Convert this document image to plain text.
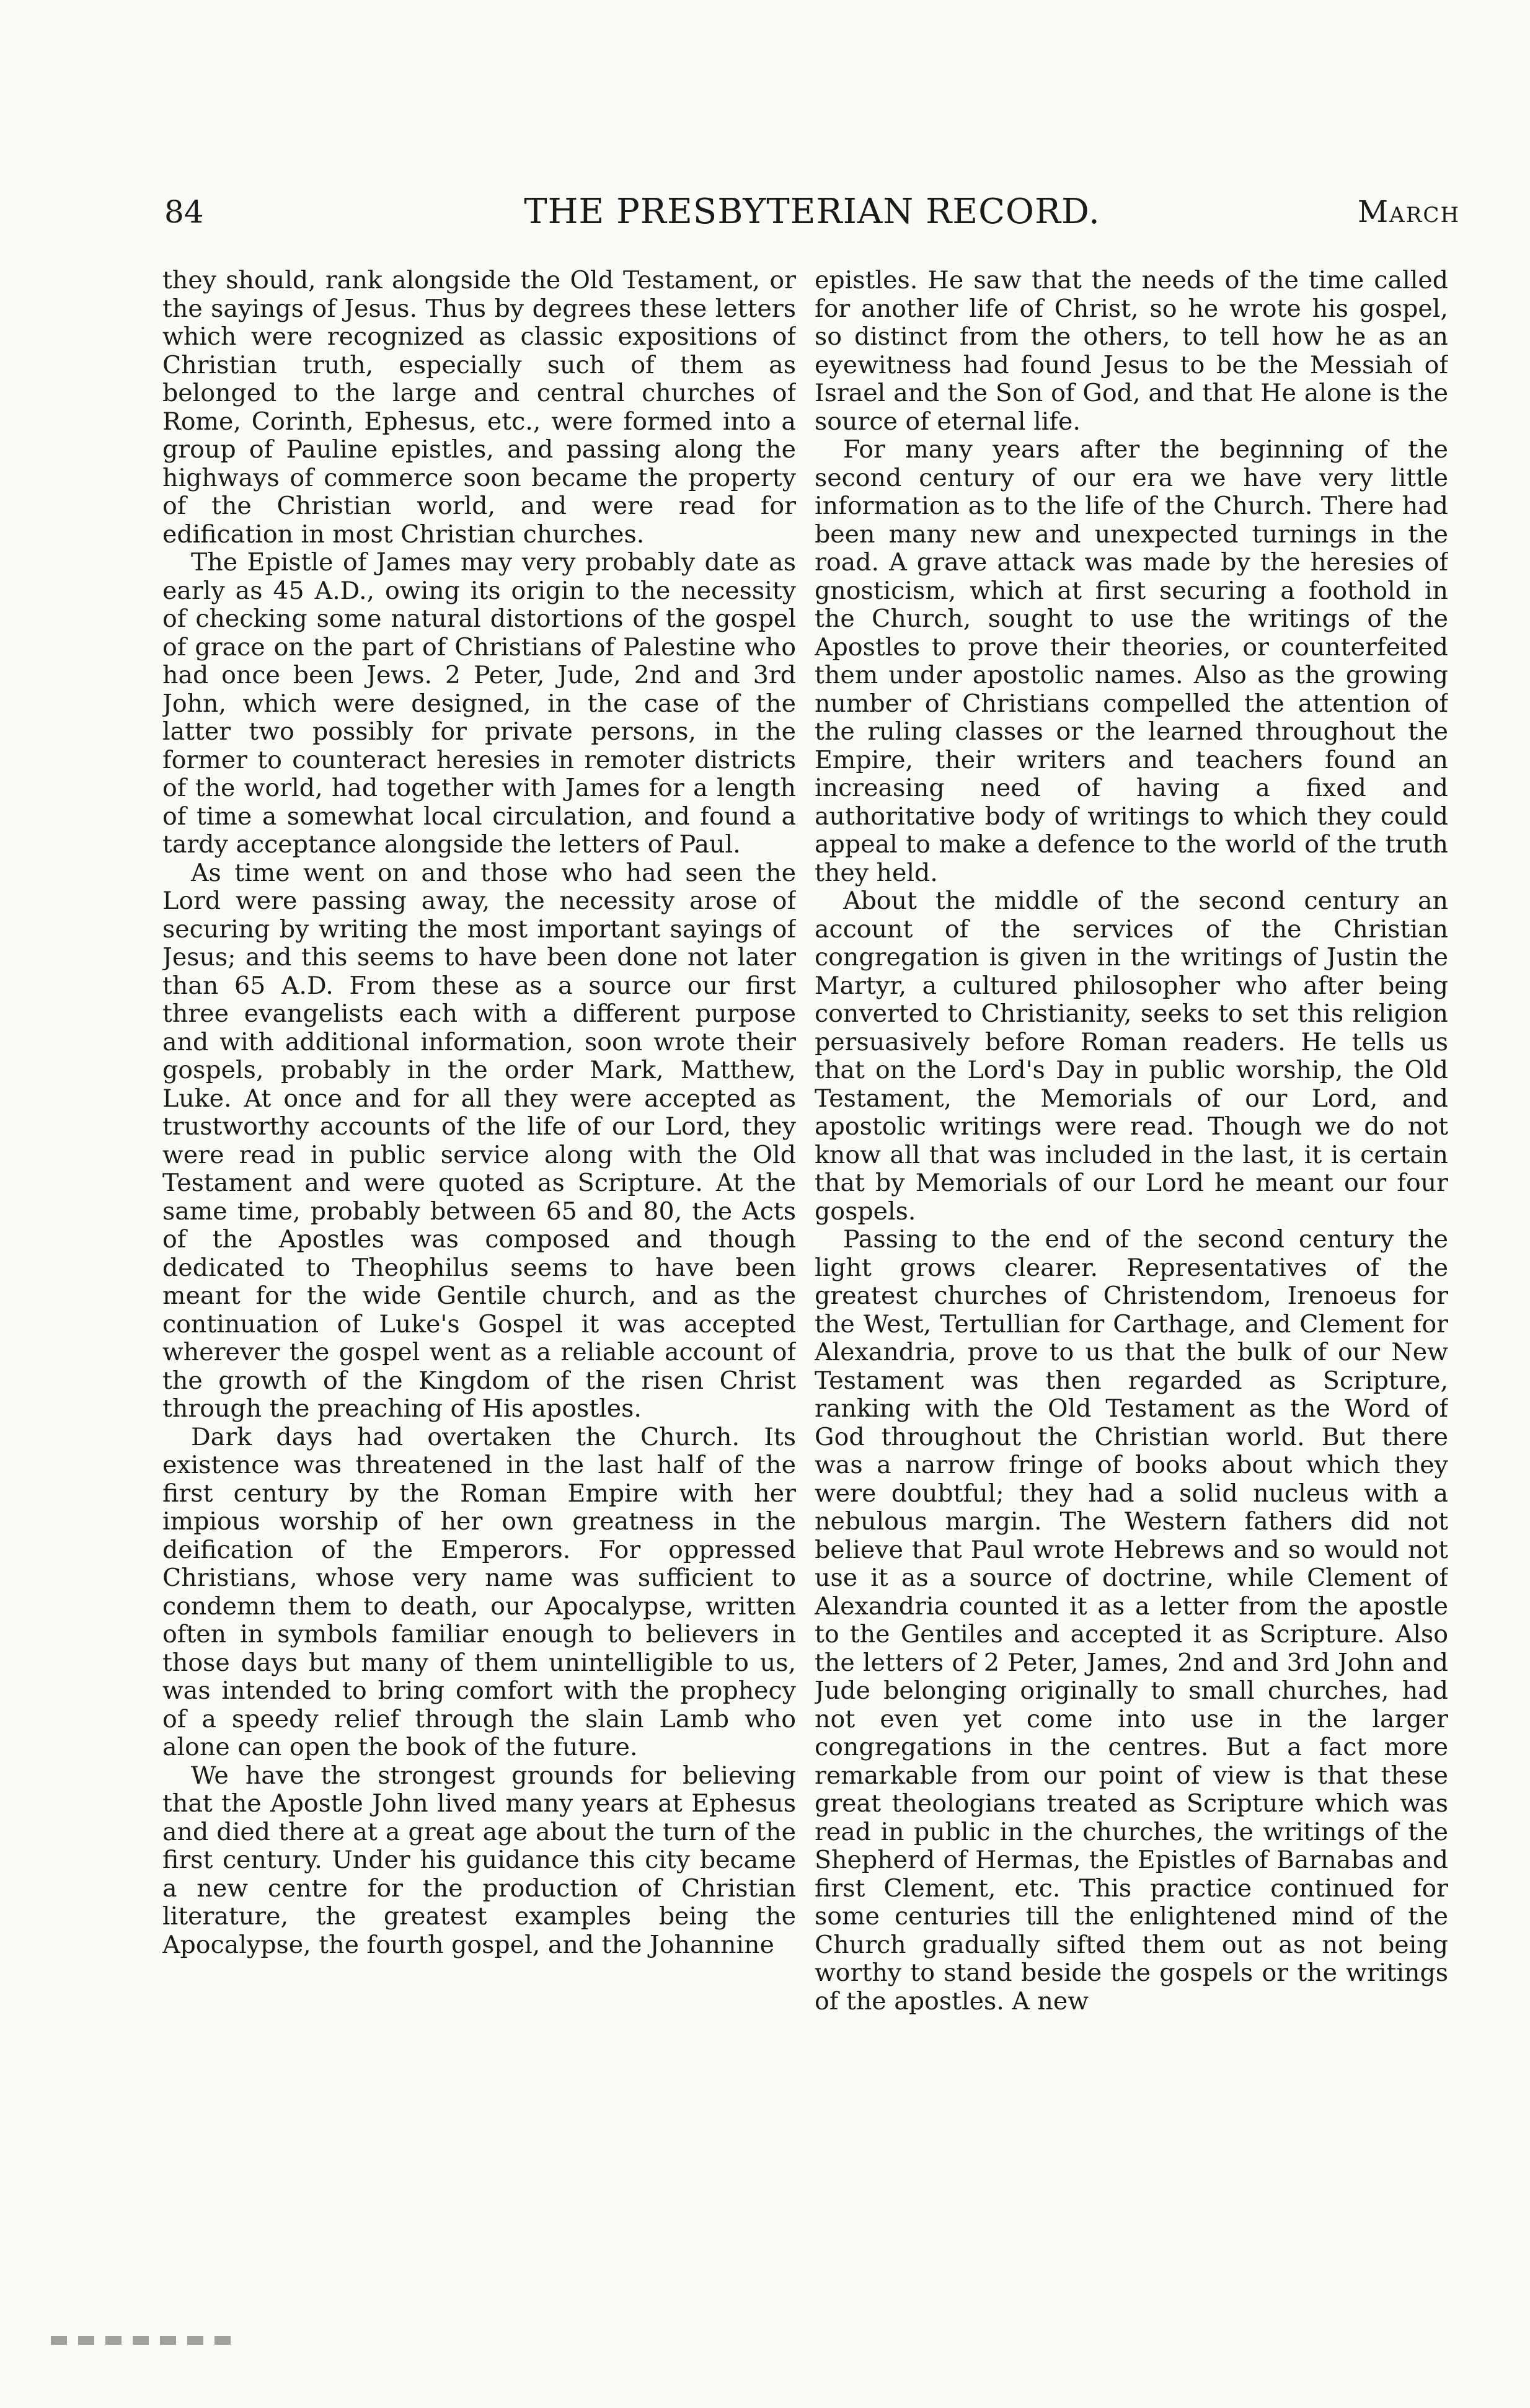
84	THE PRESBYTERIAN RECORD.	March

they should, rank alongside the Old Testament, or the sayings of Jesus. Thus by degrees these letters which were recognized as classic expositions of Christian truth, especially such of them as belonged to the large and central churches of Rome, Corinth, Ephesus, etc., were formed into a group of Pauline epistles, and passing along the highways of commerce soon became the property of the Christian world, and were read for edification in most Christian churches.

The Epistle of James may very probably date as early as 45 A.D., owing its origin to the necessity of checking some natural distortions of the gospel of grace on the part of Christians of Palestine who had once been Jews. 2 Peter, Jude, 2nd and 3rd John, which were designed, in the case of the latter two possibly for private persons, in the former to counteract heresies in remoter districts of the world, had together with James for a length of time a somewhat local circulation, and found a tardy acceptance alongside the letters of Paul.

As time went on and those who had seen the Lord were passing away, the necessity arose of securing by writing the most important sayings of Jesus; and this seems to have been done not later than 65 A.D. From these as a source our first three evangelists each with a different purpose and with additional information, soon wrote their gospels, probably in the order Mark, Matthew, Luke. At once and for all they were accepted as trustworthy accounts of the life of our Lord, they were read in public service along with the Old Testament and were quoted as Scripture. At the same time, probably between 65 and 80, the Acts of the Apostles was composed and though dedicated to Theophilus seems to have been meant for the wide Gentile church, and as the continuation of Luke's Gospel it was accepted wherever the gospel went as a reliable account of the growth of the Kingdom of the risen Christ through the preaching of His apostles.

Dark days had overtaken the Church. Its existence was threatened in the last half of the first century by the Roman Empire with her impious worship of her own greatness in the deification of the Emperors. For oppressed Christians, whose very name was sufficient to condemn them to death, our Apocalypse, written often in symbols familiar enough to believers in those days but many of them unintelligible to us, was intended to bring comfort with the prophecy of a speedy relief through the slain Lamb who alone can open the book of the future.

We have the strongest grounds for believing that the Apostle John lived many years at Ephesus and died there at a great age about the turn of the first century. Under his guidance this city became a new centre for the production of Christian literature, the greatest examples being the Apocalypse, the fourth gospel, and the Johannine

epistles. He saw that the needs of the time called for another life of Christ, so he wrote his gospel, so distinct from the others, to tell how he as an eyewitness had found Jesus to be the Messiah of Israel and the Son of God, and that He alone is the source of eternal life.

For many years after the beginning of the second century of our era we have very little information as to the life of the Church. There had been many new and unexpected turnings in the road. A grave attack was made by the heresies of gnosticism, which at first securing a foothold in the Church, sought to use the writings of the Apostles to prove their theories, or counterfeited them under apostolic names. Also as the growing number of Christians compelled the attention of the ruling classes or the learned throughout the Empire, their writers and teachers found an increasing need of having a fixed and authoritative body of writings to which they could appeal to make a defence to the world of the truth they held.

About the middle of the second century an account of the services of the Christian congregation is given in the writings of Justin the Martyr, a cultured philosopher who after being converted to Christianity, seeks to set this religion persuasively before Roman readers. He tells us that on the Lord's Day in public worship, the Old Testament, the Memorials of our Lord, and apostolic writings were read. Though we do not know all that was included in the last, it is certain that by Memorials of our Lord he meant our four gospels.

Passing to the end of the second century the light grows clearer. Representatives of the greatest churches of Christendom, Irenoeus for the West, Tertullian for Carthage, and Clement for Alexandria, prove to us that the bulk of our New Testament was then regarded as Scripture, ranking with the Old Testament as the Word of God throughout the Christian world. But there was a narrow fringe of books about which they were doubtful; they had a solid nucleus with a nebulous margin. The Western fathers did not believe that Paul wrote Hebrews and so would not use it as a source of doctrine, while Clement of Alexandria counted it as a letter from the apostle to the Gentiles and accepted it as Scripture. Also the letters of 2 Peter, James, 2nd and 3rd John and Jude belonging originally to small churches, had not even yet come into use in the larger congregations in the centres. But a fact more remarkable from our point of view is that these great theologians treated as Scripture which was read in public in the churches, the writings of the Shepherd of Hermas, the Epistles of Barnabas and first Clement, etc. This practice continued for some centuries till the enlightened mind of the Church gradually sifted them out as not being worthy to stand beside the gospels or the writings of the apostles. A new
